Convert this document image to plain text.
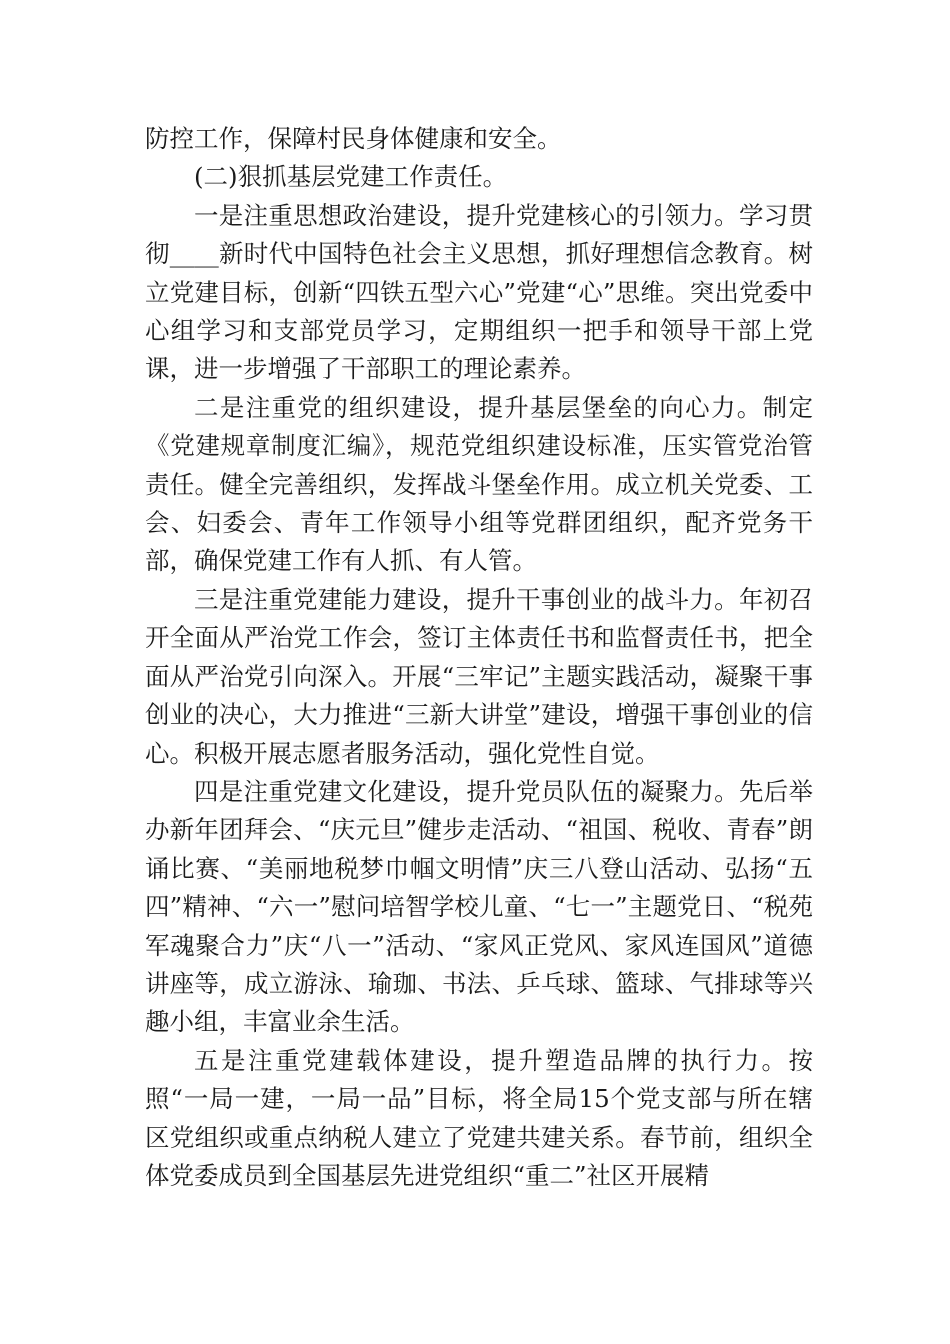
防控工作，保障村民身体健康和安全。

(二)狠抓基层党建工作责任。

一是注重思想政治建设，提升党建核心的引领力。学习贯彻____新时代中国特色社会主义思想，抓好理想信念教育。树立党建目标，创新“四铁五型六心”党建“心”思维。突出党委中心组学习和支部党员学习，定期组织一把手和领导干部上党课，进一步增强了干部职工的理论素养。

二是注重党的组织建设，提升基层堡垒的向心力。制定《党建规章制度汇编》，规范党组织建设标准，压实管党治管责任。健全完善组织，发挥战斗堡垒作用。成立机关党委、工会、妇委会、青年工作领导小组等党群团组织，配齐党务干部，确保党建工作有人抓、有人管。

三是注重党建能力建设，提升干事创业的战斗力。年初召开全面从严治党工作会，签订主体责任书和监督责任书，把全面从严治党引向深入。开展“三牢记”主题实践活动，凝聚干事创业的决心，大力推进“三新大讲堂”建设，增强干事创业的信心。积极开展志愿者服务活动，强化党性自觉。

四是注重党建文化建设，提升党员队伍的凝聚力。先后举办新年团拜会、“庆元旦”健步走活动、“祖国、税收、青春”朗诵比赛、“美丽地税梦巾帼文明情”庆三八登山活动、弘扬“五四”精神、“六一”慰问培智学校儿童、“七一”主题党日、“税苑军魂聚合力”庆“八一”活动、“家风正党风、家风连国风”道德讲座等，成立游泳、瑜珈、书法、乒乓球、篮球、气排球等兴趣小组，丰富业余生活。

五是注重党建载体建设，提升塑造品牌的执行力。按照“一局一建，一局一品”目标，将全局15个党支部与所在辖区党组织或重点纳税人建立了党建共建关系。春节前，组织全体党委成员到全国基层先进党组织“重二”社区开展精
